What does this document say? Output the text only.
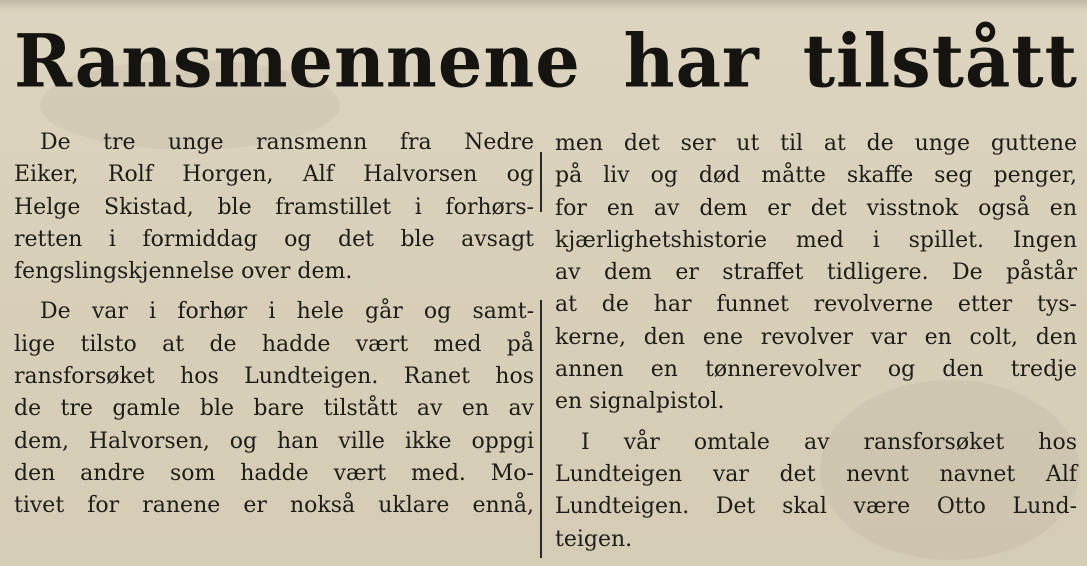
Ransmennene har tilstått
De tre unge ransmenn fra Nedre
Eiker, Rolf Horgen, Alf Halvorsen og
Helge Skistad, ble framstillet i forhørs-
retten i formiddag og det ble avsagt
fengslingskjennelse over dem.
De var i forhør i hele går og samt-
lige tilsto at de hadde vært med på
ransforsøket hos Lundteigen. Ranet hos
de tre gamle ble bare tilstått av en av
dem, Halvorsen, og han ville ikke oppgi
den andre som hadde vært med. Mo-
tivet for ranene er nokså uklare ennå,
men det ser ut til at de unge guttene
på liv og død måtte skaffe seg penger,
for en av dem er det visstnok også en
kjærlighetshistorie med i spillet. Ingen
av dem er straffet tidligere. De påstår
at de har funnet revolverne etter tys-
kerne, den ene revolver var en colt, den
annen en tønnerevolver og den tredje
en signalpistol.
I vår omtale av ransforsøket hos
Lundteigen var det nevnt navnet Alf
Lundteigen. Det skal være Otto Lund-
teigen.
